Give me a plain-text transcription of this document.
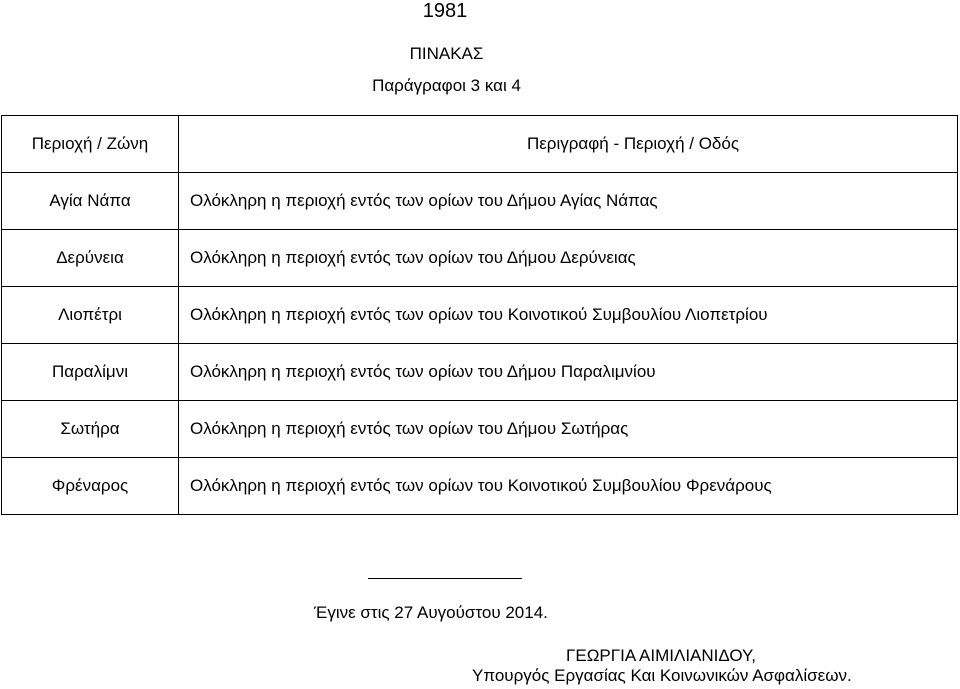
1981
ΠΙΝΑΚΑΣ
Παράγραφοι 3 και 4
Περιοχή / Ζώνη	Περιγραφή - Περιοχή / Οδός
Αγία Νάπα	Ολόκληρη η περιοχή εντός των ορίων του Δήμου Αγίας Νάπας
Δερύνεια	Ολόκληρη η περιοχή εντός των ορίων του Δήμου Δερύνειας
Λιοπέτρι	Ολόκληρη η περιοχή εντός των ορίων του Κοινοτικού Συμβουλίου Λιοπετρίου
Παραλίμνι	Ολόκληρη η περιοχή εντός των ορίων του Δήμου Παραλιμνίου
Σωτήρα	Ολόκληρη η περιοχή εντός των ορίων του Δήμου Σωτήρας
Φρέναρος	Ολόκληρη η περιοχή εντός των ορίων του Κοινοτικού Συμβουλίου Φρενάρους
Έγινε στις 27 Αυγούστου 2014.
ΓΕΩΡΓΙΑ ΑΙΜΙΛΙΑΝΙΔΟΥ,
Υπουργός Εργασίας Και Κοινωνικών Ασφαλίσεων.
